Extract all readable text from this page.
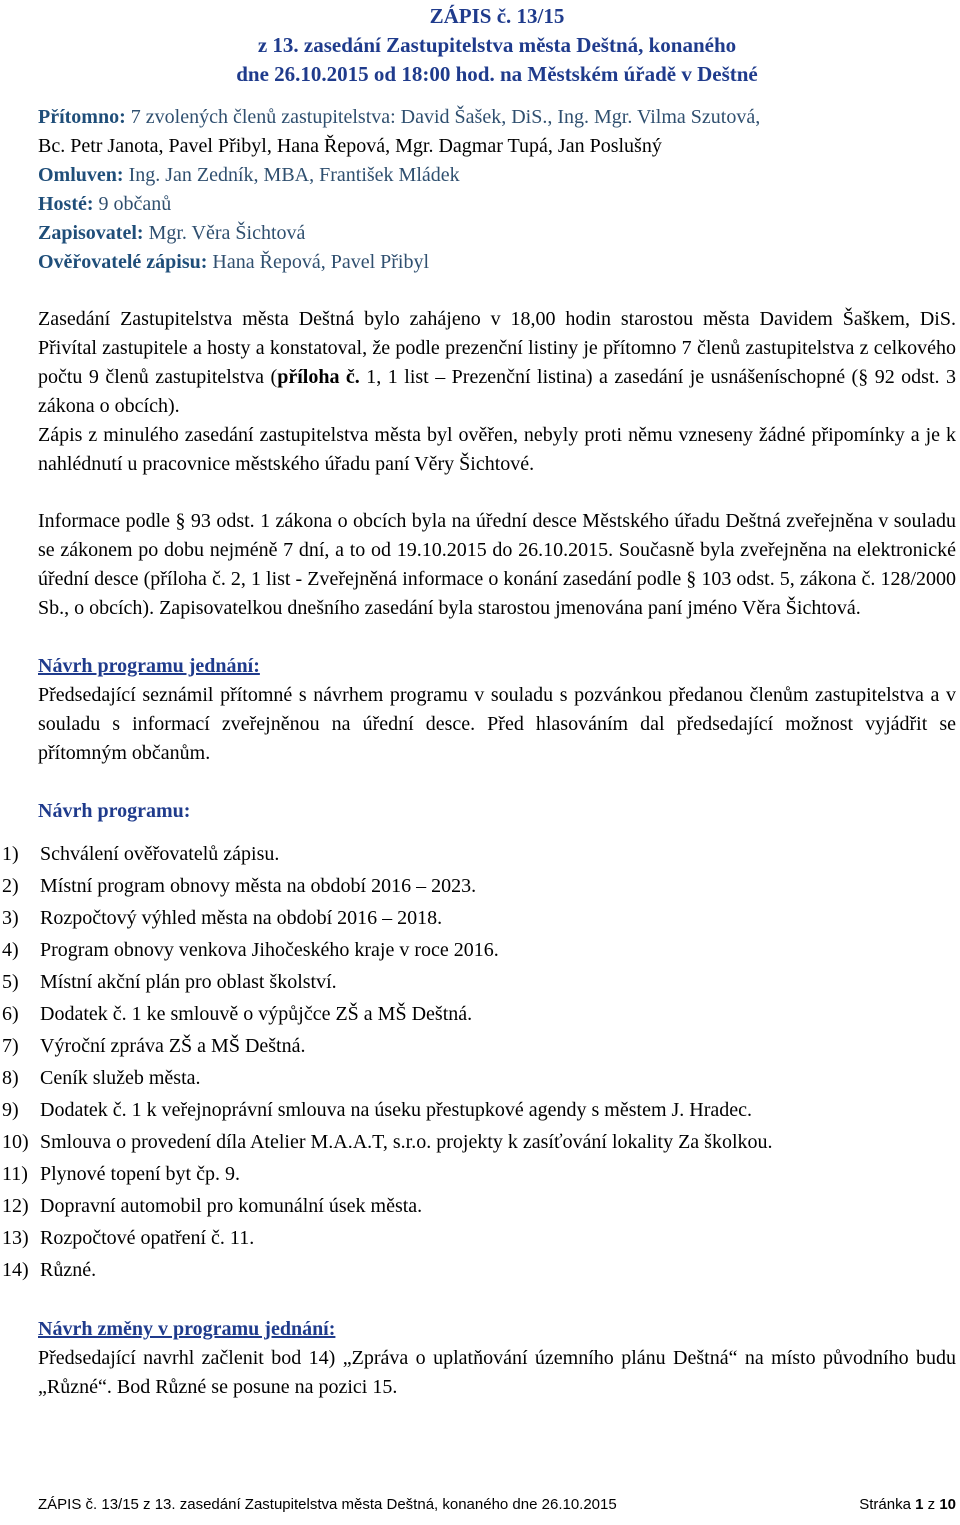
ZÁPIS č. 13/15
z 13. zasedání Zastupitelstva města Deštná, konaného
dne 26.10.2015 od 18:00 hod. na Městském úřadě v Deštné
Přítomno: 7 zvolených členů zastupitelstva: David Šašek, DiS., Ing. Mgr. Vilma Szutová,
Bc. Petr Janota, Pavel Přibyl, Hana Řepová, Mgr. Dagmar Tupá, Jan Poslušný
Omluven: Ing. Jan Zedník, MBA, František Mládek
Hosté: 9 občanů
Zapisovatel: Mgr. Věra Šichtová
Ověřovatelé zápisu: Hana Řepová, Pavel Přibyl

Zasedání Zastupitelstva města Deštná bylo zahájeno v 18,00 hodin starostou města Davidem Šaškem, DiS. Přivítal zastupitele a hosty a konstatoval, že podle prezenční listiny je přítomno 7 členů zastupitelstva z celkového počtu 9 členů zastupitelstva (příloha č. 1, 1 list – Prezenční listina) a zasedání je usnášeníschopné (§ 92 odst. 3 zákona o obcích).

Zápis z minulého zasedání zastupitelstva města byl ověřen, nebyly proti němu vzneseny žádné připomínky a je k nahlédnutí u pracovnice městského úřadu paní Věry Šichtové.

Informace podle § 93 odst. 1 zákona o obcích byla na úřední desce Městského úřadu Deštná zveřejněna v souladu se zákonem po dobu nejméně 7 dní, a to od 19.10.2015 do 26.10.2015. Současně byla zveřejněna na elektronické úřední desce (příloha č. 2, 1 list - Zveřejněná informace o konání zasedání podle § 103 odst. 5, zákona č. 128/2000 Sb., o obcích). Zapisovatelkou dnešního zasedání byla starostou jmenována paní jméno Věra Šichtová.

Návrh programu jednání:

Předsedající seznámil přítomné s návrhem programu v souladu s pozvánkou předanou členům zastupitelstva a v souladu s informací zveřejněnou na úřední desce. Před hlasováním dal předsedající možnost vyjádřit se přítomným občanům.

Návrh programu:
1)	Schválení ověřovatelů zápisu.
2)	Místní program obnovy města na období 2016 – 2023.
3)	Rozpočtový výhled města na období 2016 – 2018.
4)	Program obnovy venkova Jihočeského kraje v roce 2016.
5)	Místní akční plán pro oblast školství.
6)	Dodatek č. 1 ke smlouvě o výpůjčce ZŠ a MŠ Deštná.
7)	Výroční zpráva ZŠ a MŠ Deštná.
8)	Ceník služeb města.
9)	Dodatek č. 1 k veřejnoprávní smlouva na úseku přestupkové agendy s městem J. Hradec.
10) Smlouva o provedení díla Atelier M.A.A.T, s.r.o. projekty k zasíťování lokality Za školkou.
11) Plynové topení byt čp. 9.
12) Dopravní automobil pro komunální úsek města.
13) Rozpočtové opatření č. 11.
14) Různé.
Návrh změny v programu jednání:

Předsedající navrhl začlenit bod 14) „Zpráva o uplatňování územního plánu Deštná“ na místo původního budu „Různé“. Bod Různé se posune na pozici 15.

ZÁPIS č. 13/15 z 13. zasedání Zastupitelstva města Deštná, konaného dne 26.10.2015	Stránka 1 z 10
